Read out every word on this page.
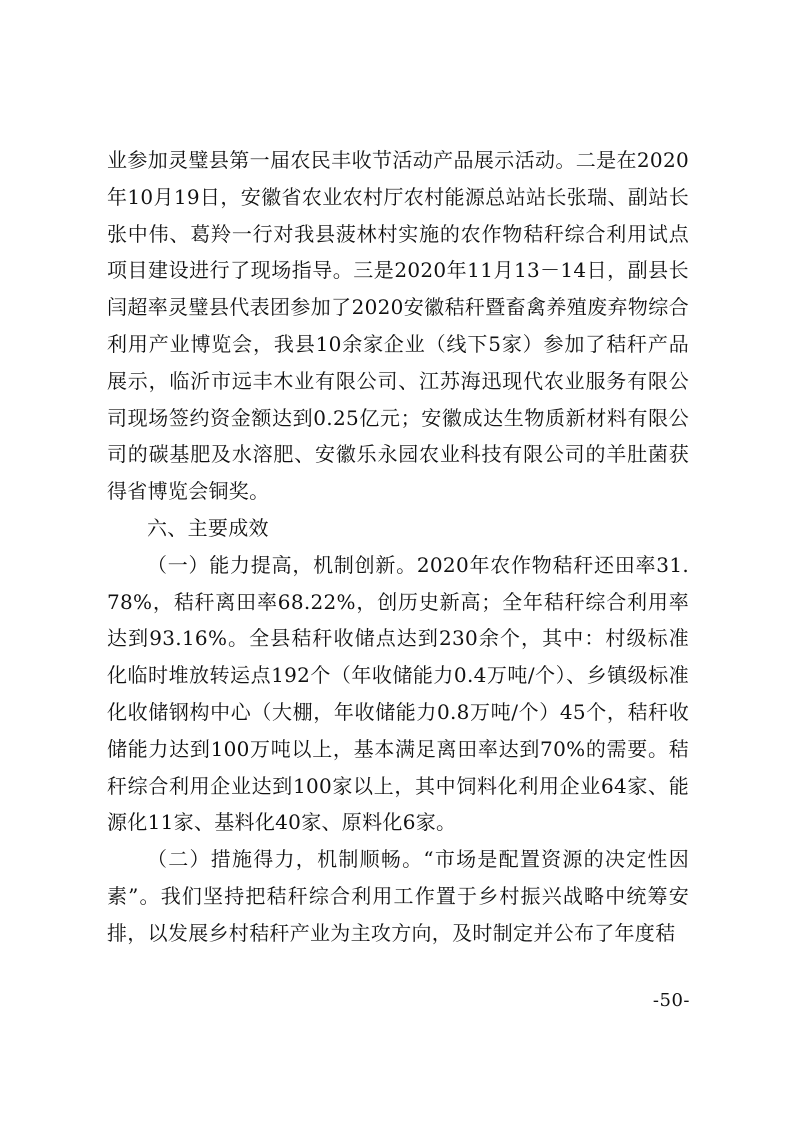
业参加灵璧县第一届农民丰收节活动产品展示活动。二是在2020年10月19日，安徽省农业农村厅农村能源总站站长张瑞、副站长张中伟、葛羚一行对我县菠林村实施的农作物秸秆综合利用试点项目建设进行了现场指导。三是2020年11月13－14日，副县长闫超率灵璧县代表团参加了2020安徽秸秆暨畜禽养殖废弃物综合利用产业博览会，我县10余家企业（线下5家）参加了秸秆产品展示，临沂市远丰木业有限公司、江苏海迅现代农业服务有限公司现场签约资金额达到0.25亿元；安徽成达生物质新材料有限公司的碳基肥及水溶肥、安徽乐永园农业科技有限公司的羊肚菌获得省博览会铜奖。

六、主要成效

（一）能力提高，机制创新。2020年农作物秸秆还田率31.78%，秸秆离田率68.22%，创历史新高；全年秸秆综合利用率达到93.16%。全县秸秆收储点达到230余个，其中：村级标准化临时堆放转运点192个（年收储能力0.4万吨/个）、乡镇级标准化收储钢构中心（大棚，年收储能力0.8万吨/个）45个，秸秆收储能力达到100万吨以上，基本满足离田率达到70%的需要。秸秆综合利用企业达到100家以上，其中饲料化利用企业64家、能源化11家、基料化40家、原料化6家。

（二）措施得力，机制顺畅。“市场是配置资源的决定性因素”。我们坚持把秸秆综合利用工作置于乡村振兴战略中统筹安排，以发展乡村秸秆产业为主攻方向，及时制定并公布了年度秸

-50-
